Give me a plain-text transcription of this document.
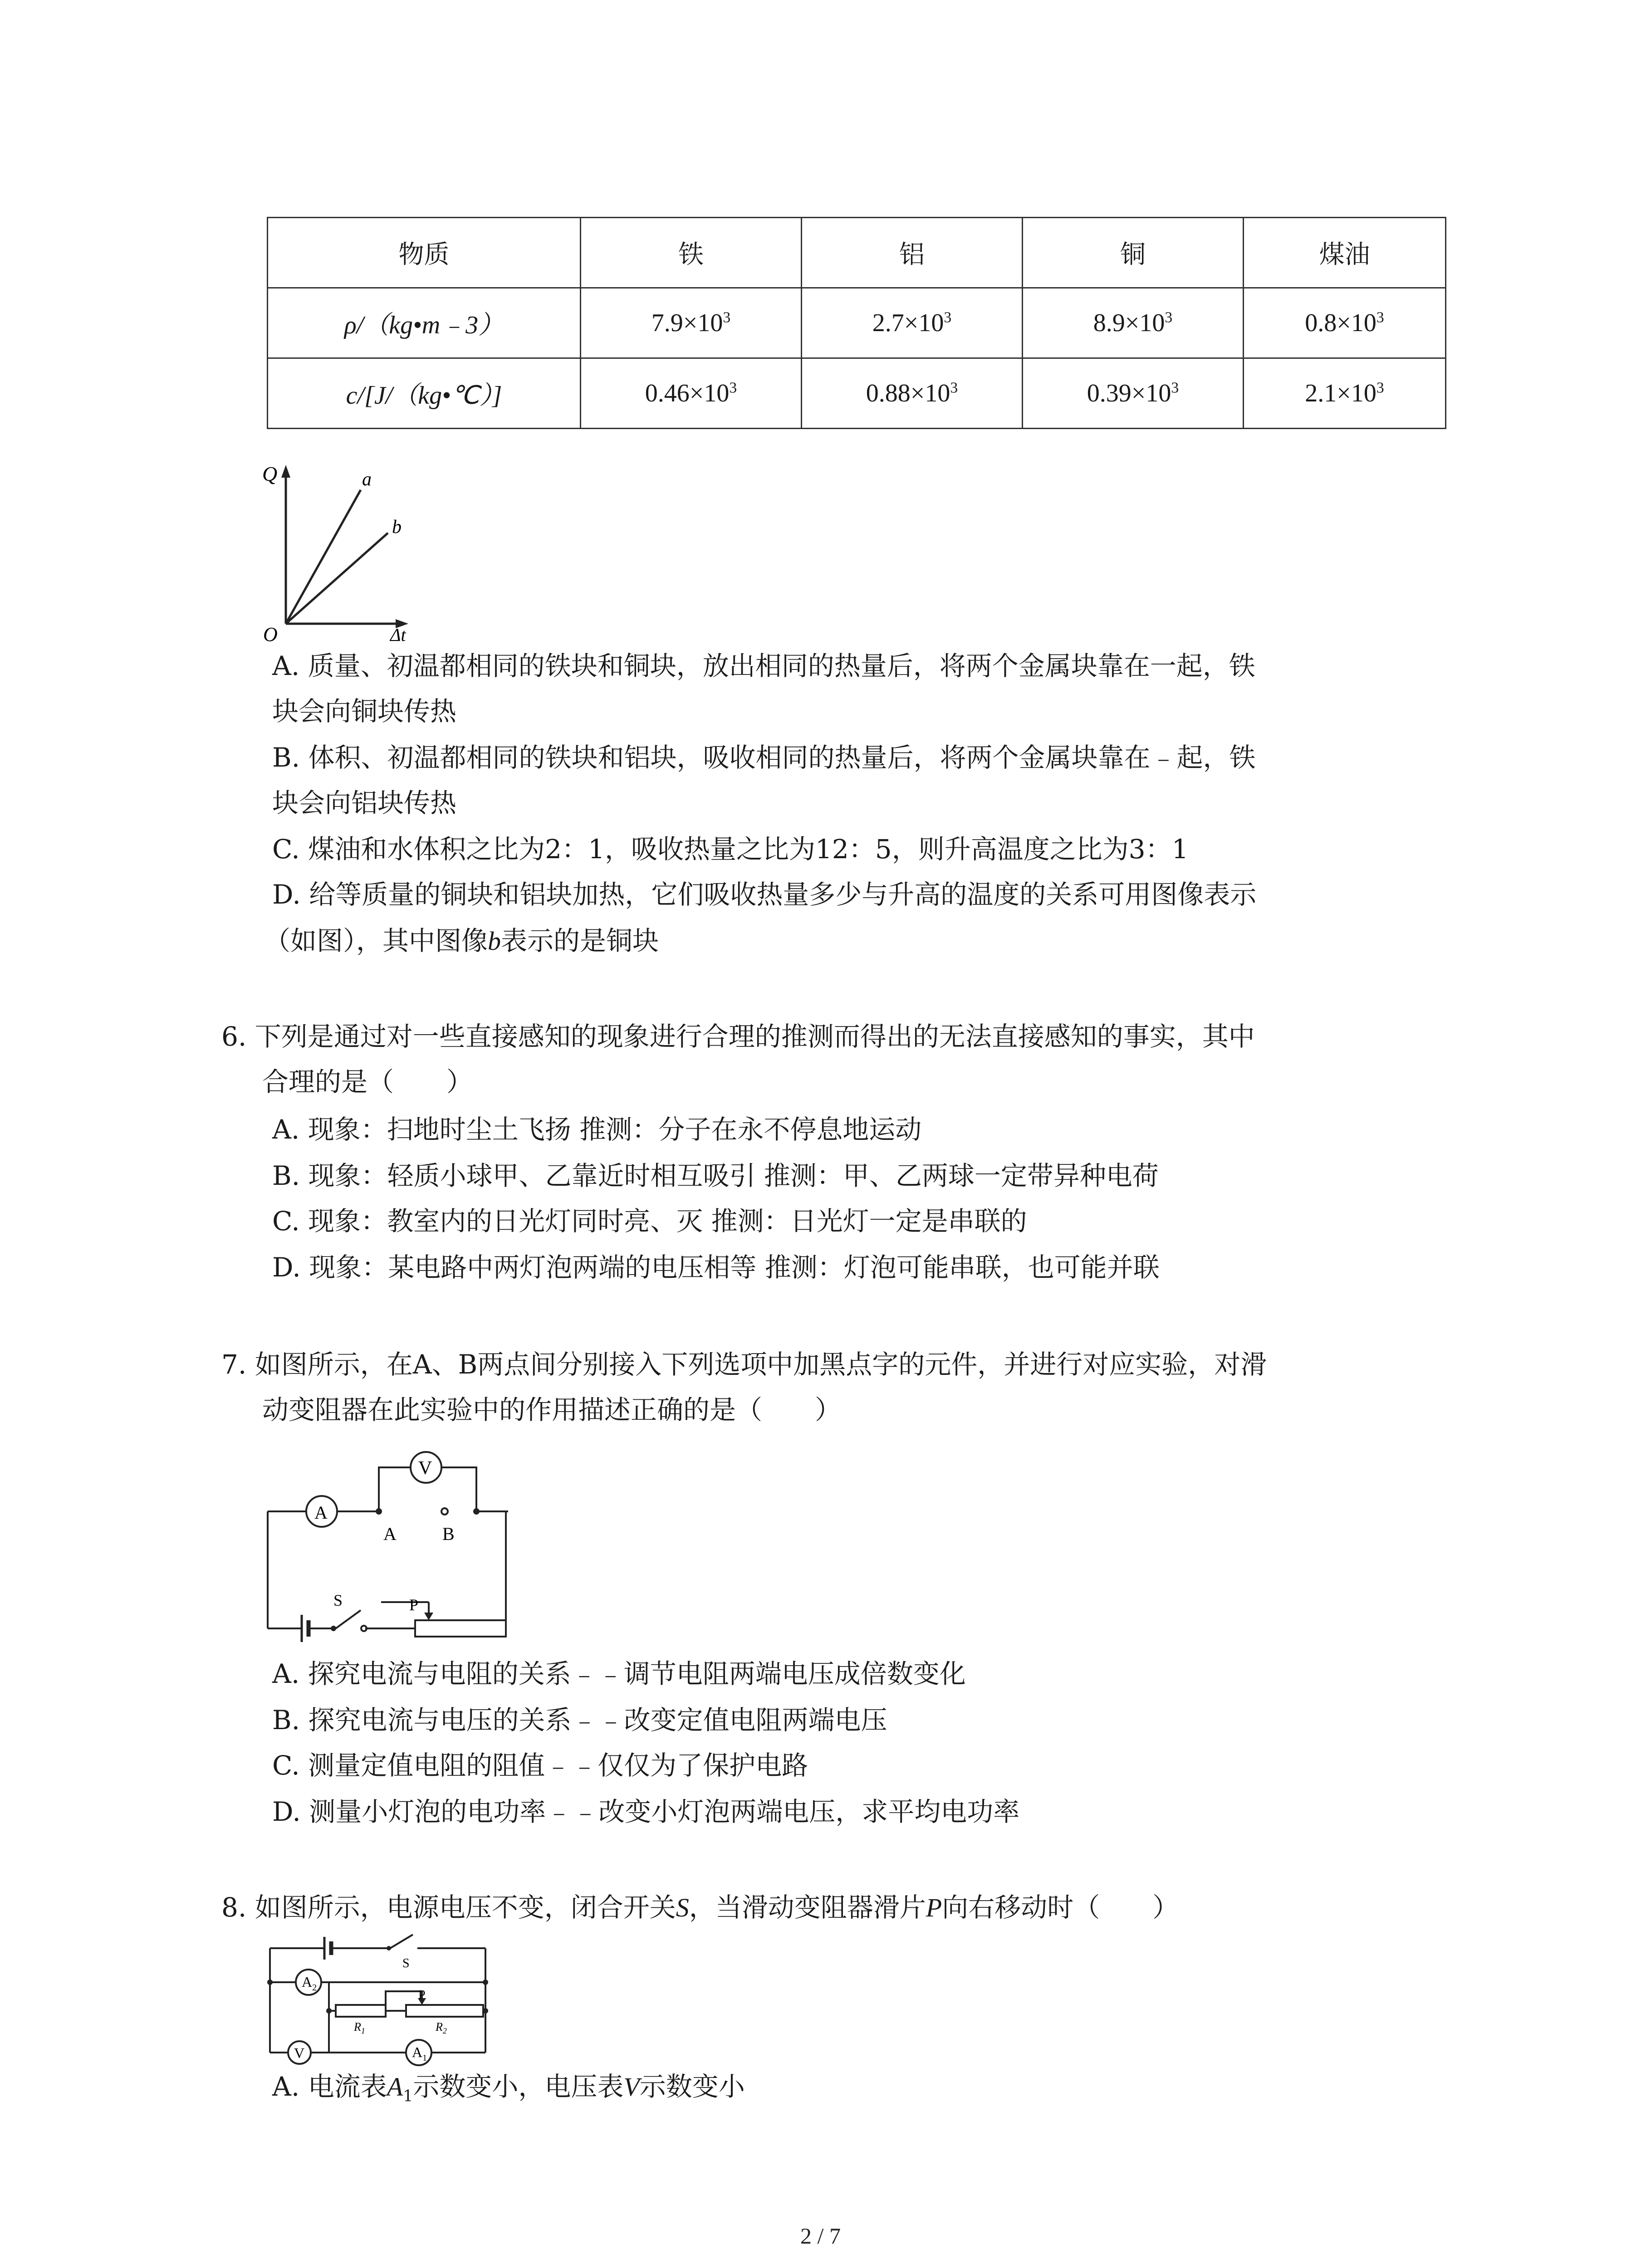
物质	铁	铝	铜	煤油
ρ/（kg•m﹣3）	$7.9\times 10^3$	$2.7\times 10^3$	$8.9\times 10^3$	$0.8\times 10^3$
c/[J/（kg•℃）]	$0.46\times 10^3$	$0.88\times 10^3$	$0.39\times 10^3$	$2.1\times 10^3$
Q	a
b
O	Δt
A. 质量、初温都相同的铁块和铜块，放出相同的热量后，将两个金属块靠在一起，铁
块会向铜块传热
B. 体积、初温都相同的铁块和铝块，吸收相同的热量后，将两个金属块靠在﹣起，铁
块会向铝块传热
C. 煤油和水体积之比为2：1，吸收热量之比为12：5，则升高温度之比为3：1
D. 给等质量的铜块和铝块加热，它们吸收热量多少与升高的温度的关系可用图像表示
（如图），其中图像b表示的是铜块
6. 下列是通过对一些直接感知的现象进行合理的推测而得出的无法直接感知的事实，其中
合理的是（　　）
A. 现象：扫地时尘土飞扬 推测：分子在永不停息地运动
B. 现象：轻质小球甲、乙靠近时相互吸引 推测：甲、乙两球一定带异种电荷
C. 现象：教室内的日光灯同时亮、灭 推测：日光灯一定是串联的
D. 现象：某电路中两灯泡两端的电压相等 推测：灯泡可能串联，也可能并联
7. 如图所示，在A、B两点间分别接入下列选项中加黑点字的元件，并进行对应实验，对滑
动变阻器在此实验中的作用描述正确的是（　　）
V
A
A	B
S	P
A. 探究电流与电阻的关系﹣﹣调节电阻两端电压成倍数变化
B. 探究电流与电压的关系﹣﹣改变定值电阻两端电压
C. 测量定值电阻的阻值﹣﹣仅仅为了保护电路
D. 测量小灯泡的电功率﹣﹣改变小灯泡两端电压，求平均电功率
8. 如图所示，电源电压不变，闭合开关S，当滑动变阻器滑片P向右移动时（　　）
S
$A_2$
$A_1$
V
P
$R_1$	$R_2$
A. 电流表$A_1$示数变小，电压表V示数变小
2 / 7
